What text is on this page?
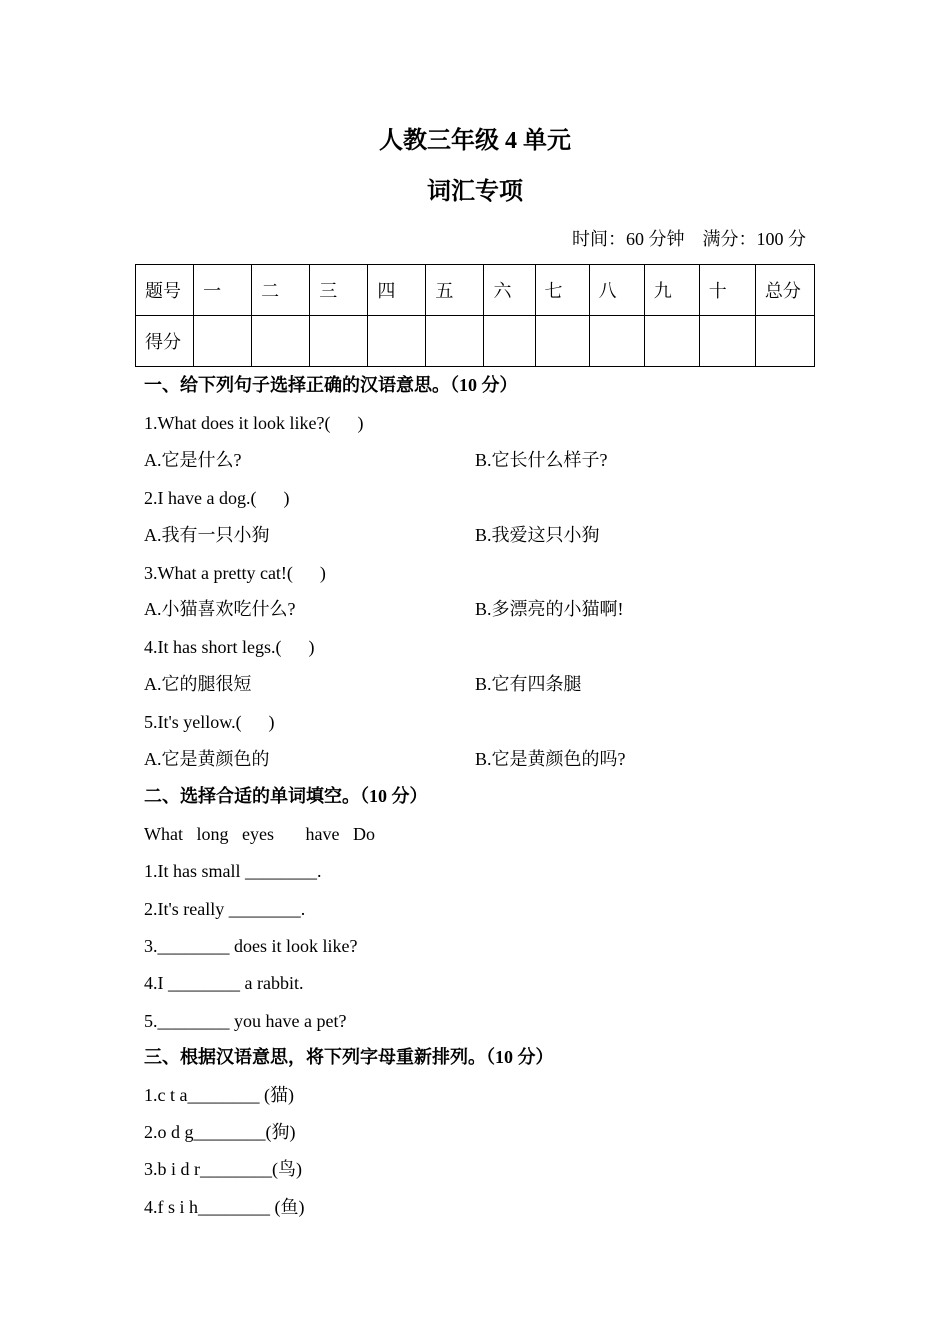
人教三年级 4 单元
词汇专项
时间：60 分钟    满分：100 分
题号	一	二	三	四	五	六	七	八	九	十	总分
得分											
一、给下列句子选择正确的汉语意思。（10 分）
1.What does it look like?(      )
A.它是什么?	B.它长什么样子?
2.I have a dog.(      )
A.我有一只小狗	B.我爱这只小狗
3.What a pretty cat!(      )
A.小猫喜欢吃什么?	B.多漂亮的小猫啊!
4.It has short legs.(      )
A.它的腿很短	B.它有四条腿
5.It's yellow.(      )
A.它是黄颜色的	B.它是黄颜色的吗?
二、选择合适的单词填空。（10 分）
What   long   eyes       have   Do
1.It has small ________.
2.It's really ________.
3.________ does it look like?
4.I ________ a rabbit.
5.________ you have a pet?
三、根据汉语意思，将下列字母重新排列。（10 分）
1.c t a________ (猫)
2.o d g________(狗)
3.b i d r________(鸟)
4.f s i h________ (鱼)
